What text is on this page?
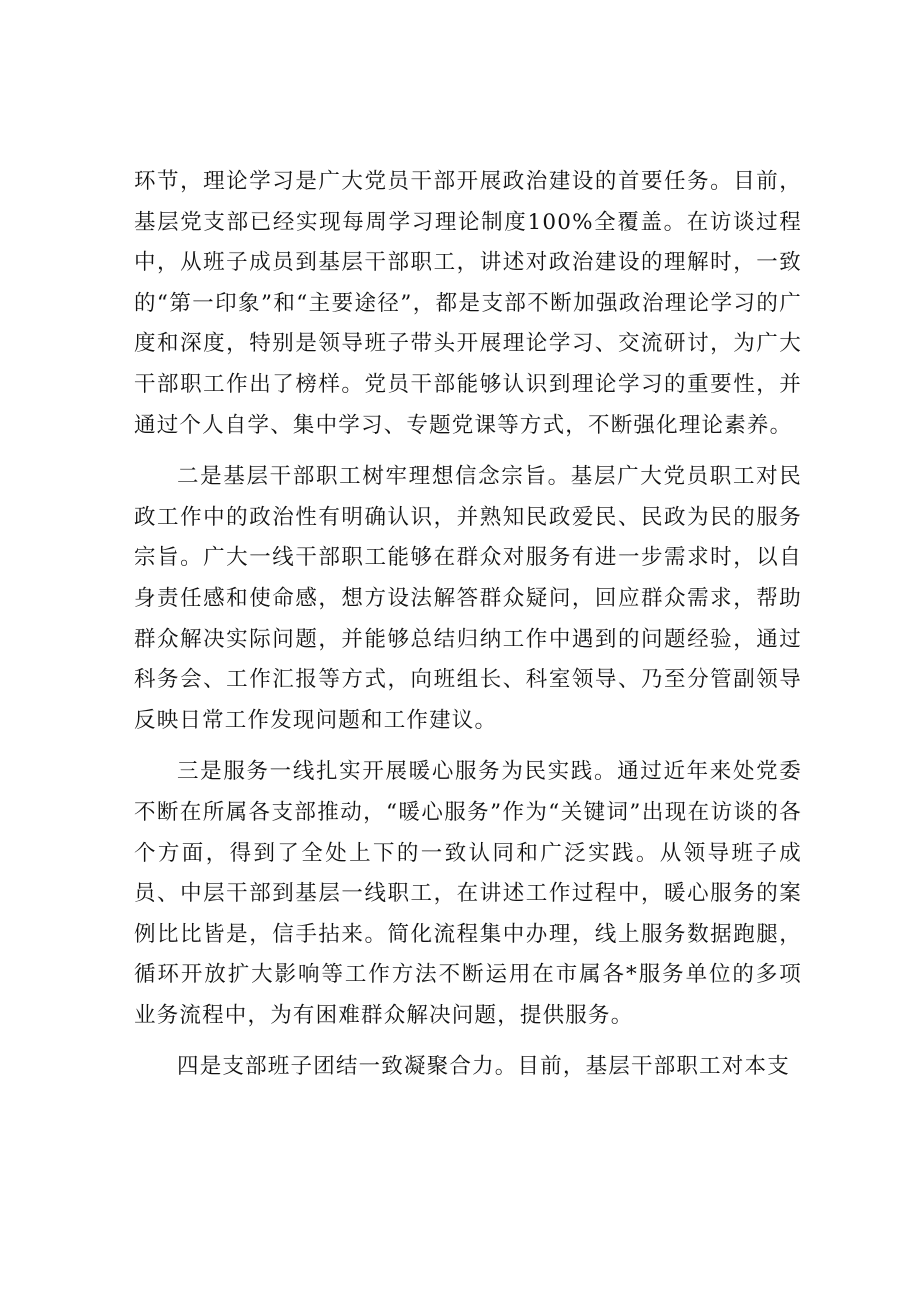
环节，理论学习是广大党员干部开展政治建设的首要任务。目前，基层党支部已经实现每周学习理论制度100%全覆盖。在访谈过程中，从班子成员到基层干部职工，讲述对政治建设的理解时，一致的“第一印象”和“主要途径”，都是支部不断加强政治理论学习的广度和深度，特别是领导班子带头开展理论学习、交流研讨，为广大干部职工作出了榜样。党员干部能够认识到理论学习的重要性，并通过个人自学、集中学习、专题党课等方式，不断强化理论素养。

二是基层干部职工树牢理想信念宗旨。基层广大党员职工对民政工作中的政治性有明确认识，并熟知民政爱民、民政为民的服务宗旨。广大一线干部职工能够在群众对服务有进一步需求时，以自身责任感和使命感，想方设法解答群众疑问，回应群众需求，帮助群众解决实际问题，并能够总结归纳工作中遇到的问题经验，通过科务会、工作汇报等方式，向班组长、科室领导、乃至分管副领导反映日常工作发现问题和工作建议。

三是服务一线扎实开展暖心服务为民实践。通过近年来处党委不断在所属各支部推动，“暖心服务”作为“关键词”出现在访谈的各个方面，得到了全处上下的一致认同和广泛实践。从领导班子成员、中层干部到基层一线职工，在讲述工作过程中，暖心服务的案例比比皆是，信手拈来。简化流程集中办理，线上服务数据跑腿，循环开放扩大影响等工作方法不断运用在市属各*服务单位的多项业务流程中，为有困难群众解决问题，提供服务。

四是支部班子团结一致凝聚合力。目前，基层干部职工对本支
